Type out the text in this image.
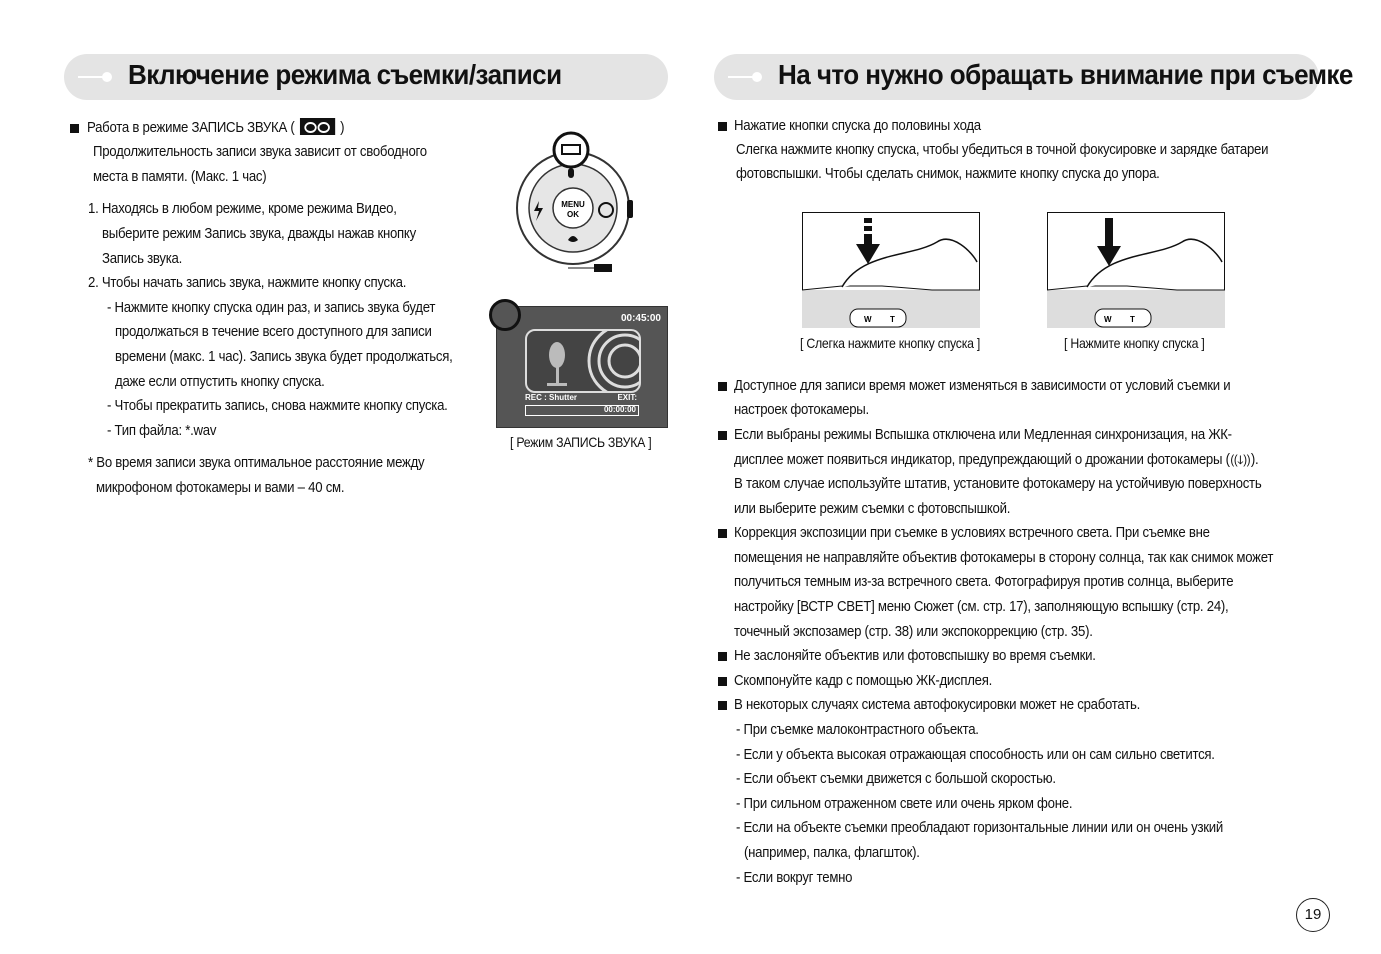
Включение режима съемки/записи
Работа в режиме ЗАПИСЬ ЗВУКА (	)
Продолжительность записи звука зависит от свободного
места в памяти. (Макс. 1 час)
1. Находясь в любом режиме, кроме режима Видео,
выберите режим Запись звука, дважды нажав кнопку
Запись звука.
2. Чтобы начать запись звука, нажмите кнопку спуска.
- Нажмите кнопку спуска один раз, и запись звука будет
продолжаться в течение всего доступного для записи
времени (макс. 1 час). Запись звука будет продолжаться,
даже если отпустить кнопку спуска.
- Чтобы прекратить запись, снова нажмите кнопку спуска.
- Тип файла: *.wav
* Во время записи звука оптимальное расстояние между
микрофоном фотокамеры и вами – 40 см.
MENU
OK
00:45:00
REC : Shutter	EXIT:
00:00:00
[ Режим ЗАПИСЬ ЗВУКА ]
На что нужно обращать внимание при съемке
Нажатие кнопки спуска до половины хода
Слегка нажмите кнопку спуска, чтобы убедиться в точной фокусировке и зарядке батареи
фотовспышки. Чтобы сделать снимок, нажмите кнопку спуска до упора.
W T
[ Слегка нажмите кнопку спуска ]
W T
[ Нажмите кнопку спуска ]
Доступное для записи время может изменяться в зависимости от условий съемки и
настроек фотокамеры.
Если выбраны режимы Вспышка отключена или Медленная синхронизация, на ЖК-
дисплее может появиться индикатор, предупреждающий о дрожании фотокамеры (((ↆ))).
В таком случае используйте штатив, установите фотокамеру на устойчивую поверхность
или выберите режим съемки с фотовспышкой.
Коррекция экспозиции при съемке в условиях встречного света. При съемке вне
помещения не направляйте объектив фотокамеры в сторону солнца, так как снимок может
получиться темным из-за встречного света. Фотографируя против солнца, выберите
настройку [ВСТР СВЕТ] меню Сюжет (см. стр. 17), заполняющую вспышку (стр. 24),
точечный экспозамер (стр. 38) или экспокоррекцию (стр. 35).
Не заслоняйте объектив или фотовспышку во время съемки.
Скомпонуйте кадр с помощью ЖК-дисплея.
В некоторых случаях система автофокусировки может не сработать.
- При съемке малоконтрастного объекта.
- Если у объекта высокая отражающая способность или он сам сильно светится.
- Если объект съемки движется с большой скоростью.
- При сильном отраженном свете или очень ярком фоне.
- Если на объекте съемки преобладают горизонтальные линии или он очень узкий
(например, палка, флагшток).
- Если вокруг темно
19
